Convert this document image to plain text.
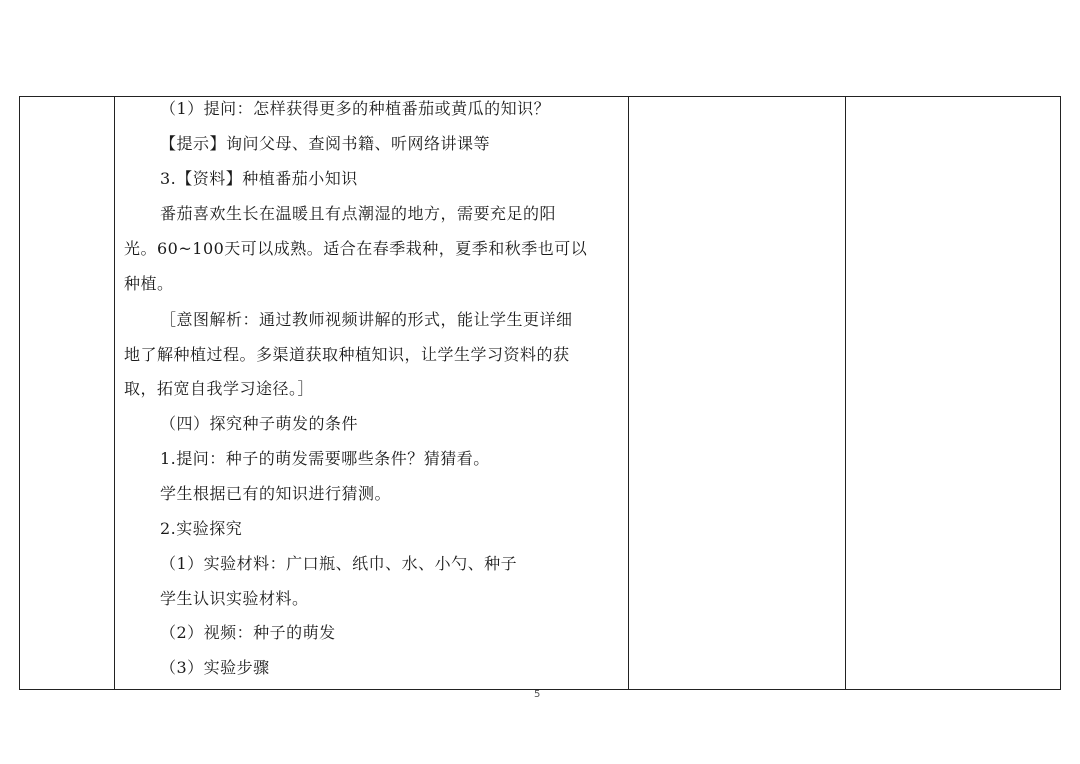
（1）提问：怎样获得更多的种植番茄或黄瓜的知识？
【提示】询问父母、查阅书籍、听网络讲课等
3.【资料】种植番茄小知识
番茄喜欢生长在温暖且有点潮湿的地方，需要充足的阳
光。60~100天可以成熟。适合在春季栽种，夏季和秋季也可以
种植。
［意图解析：通过教师视频讲解的形式，能让学生更详细
地了解种植过程。多渠道获取种植知识，让学生学习资料的获
取，拓宽自我学习途径。］
（四）探究种子萌发的条件
1.提问：种子的萌发需要哪些条件？猜猜看。
学生根据已有的知识进行猜测。
2.实验探究
（1）实验材料：广口瓶、纸巾、水、小勺、种子
学生认识实验材料。
（2）视频：种子的萌发
（3）实验步骤
5
